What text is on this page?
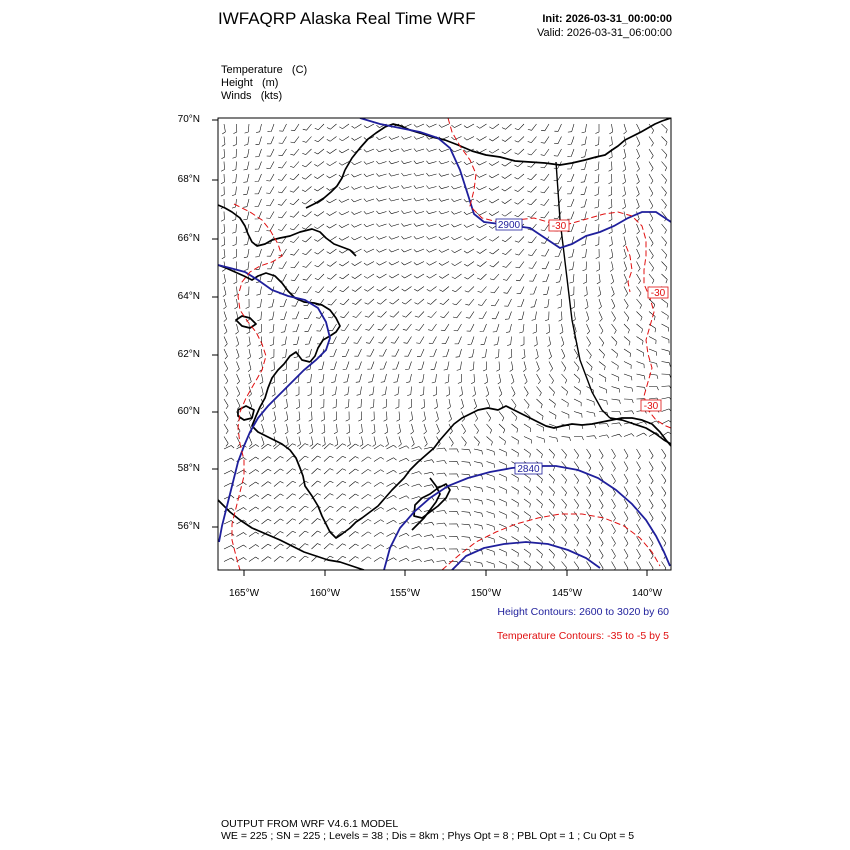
IWFAQRP Alaska Real Time WRF	Init: 2026-03-31_00:00:00
Valid: 2026-03-31_06:00:00
Temperature   (C)
Height   (m)
Winds   (kts)
2900
2840
-30
-30
-30
70°N
68°N
66°N
64°N
62°N
60°N
58°N
56°N
165°W	160°W	155°W	150°W	145°W	140°W
Height Contours: 2600 to 3020 by 60
Temperature Contours: -35 to -5 by 5
OUTPUT FROM WRF V4.6.1 MODEL
WE = 225 ; SN = 225 ; Levels = 38 ; Dis = 8km ; Phys Opt = 8 ; PBL Opt = 1 ; Cu Opt = 5
